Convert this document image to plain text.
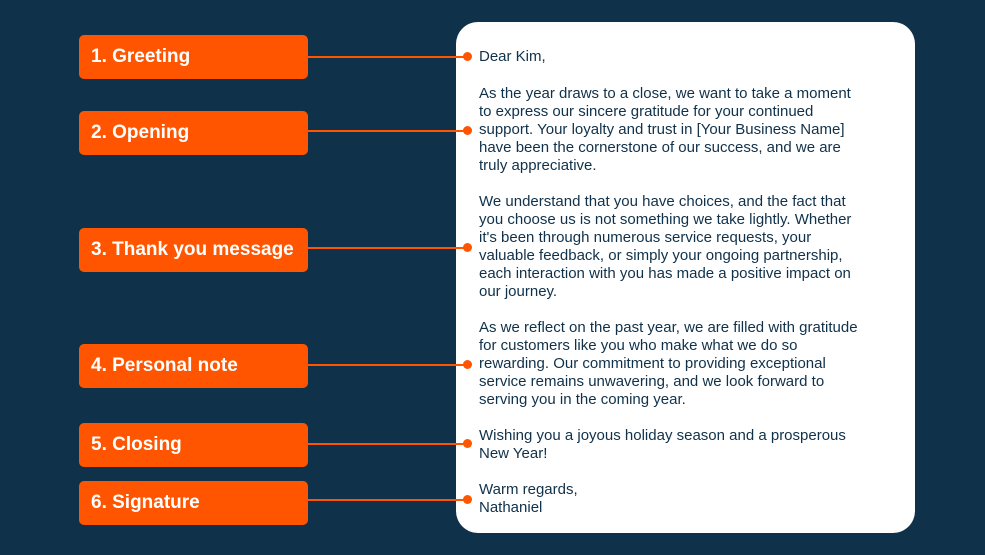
1. Greeting
2. Opening
3. Thank you message
4. Personal note
5. Closing
6. Signature
Dear Kim,
As the year draws to a close, we want to take a moment
to express our sincere gratitude for your continued
support. Your loyalty and trust in [Your Business Name]
have been the cornerstone of our success, and we are
truly appreciative.
We understand that you have choices, and the fact that
you choose us is not something we take lightly. Whether
it's been through numerous service requests, your
valuable feedback, or simply your ongoing partnership,
each interaction with you has made a positive impact on
our journey.
As we reflect on the past year, we are filled with gratitude
for customers like you who make what we do so
rewarding. Our commitment to providing exceptional
service remains unwavering, and we look forward to
serving you in the coming year.
Wishing you a joyous holiday season and a prosperous
New Year!
Warm regards,
Nathaniel
